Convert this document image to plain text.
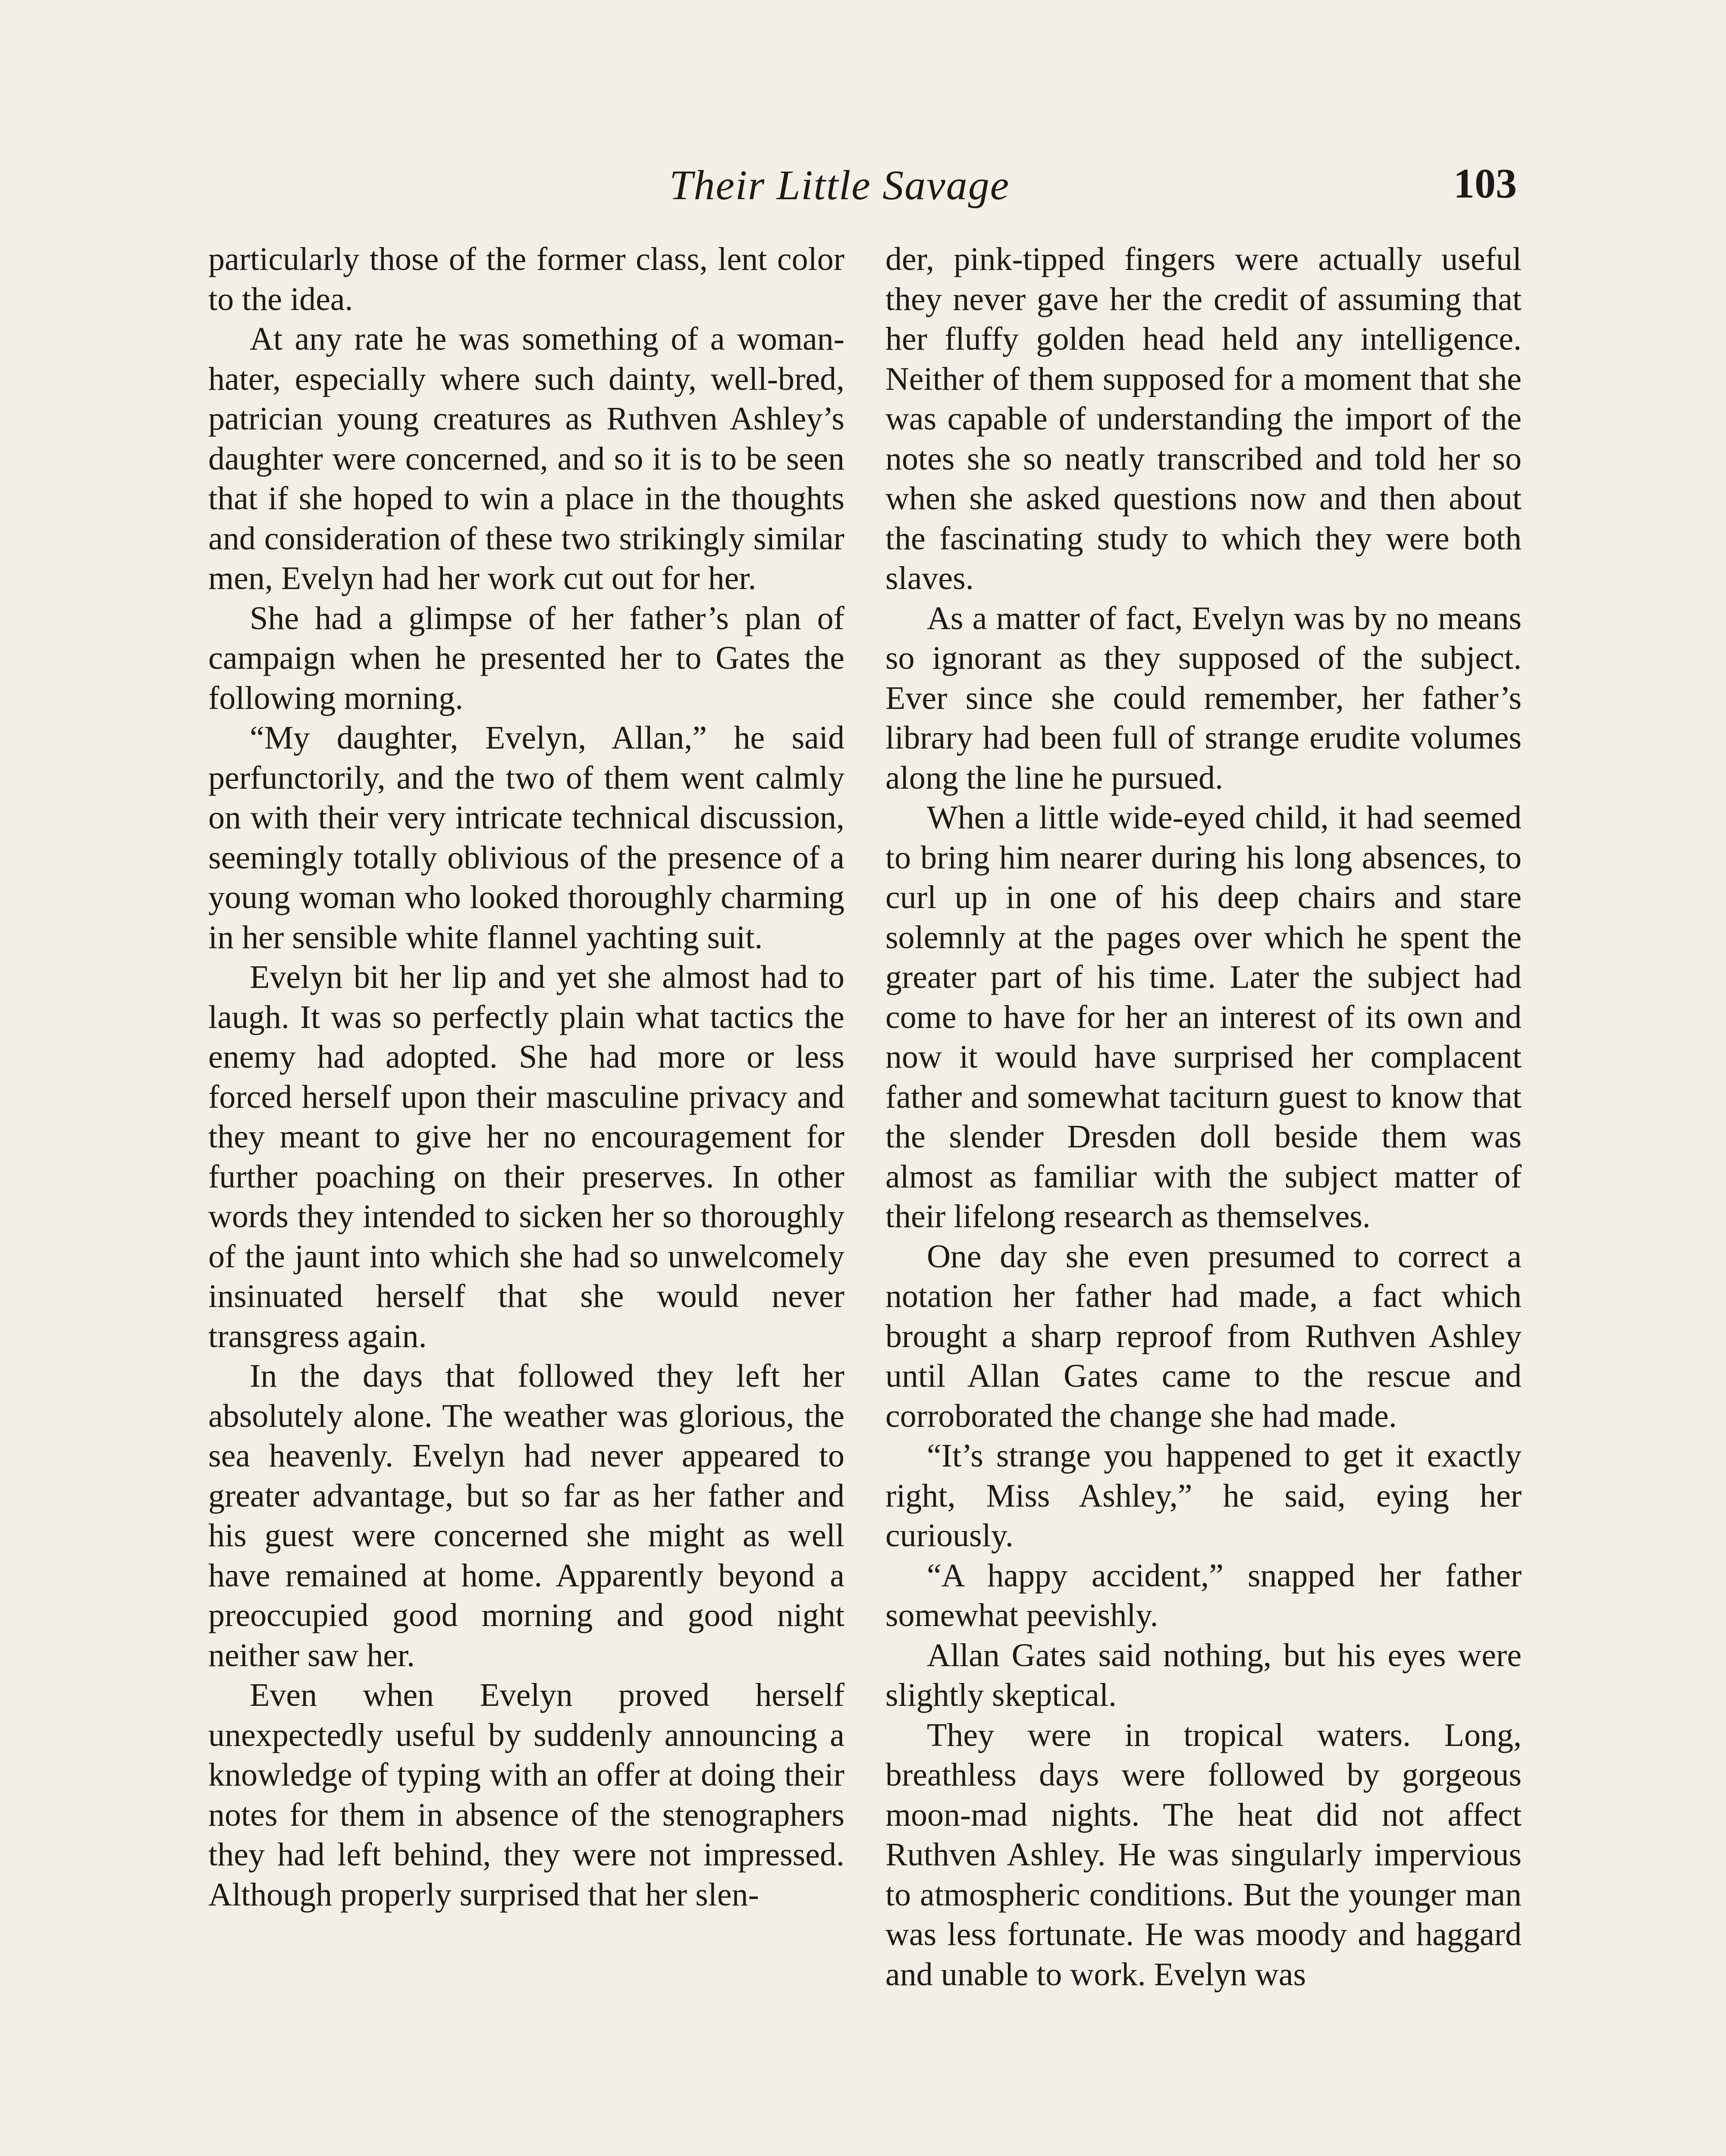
Their Little Savage	103

particularly those of the former class, lent color to the idea.

At any rate he was something of a woman-hater, especially where such dainty, well-bred, patrician young creatures as Ruthven Ashley’s daughter were concerned, and so it is to be seen that if she hoped to win a place in the thoughts and consideration of these two strikingly similar men, Evelyn had her work cut out for her.

She had a glimpse of her father’s plan of campaign when he presented her to Gates the following morning.

“My daughter, Evelyn, Allan,” he said perfunctorily, and the two of them went calmly on with their very intricate technical discussion, seemingly totally oblivious of the presence of a young woman who looked thoroughly charming in her sensible white flannel yachting suit.

Evelyn bit her lip and yet she almost had to laugh. It was so perfectly plain what tactics the enemy had adopted. She had more or less forced herself upon their masculine privacy and they meant to give her no encouragement for further poaching on their preserves. In other words they intended to sicken her so thoroughly of the jaunt into which she had so unwelcomely insinuated herself that she would never transgress again.

In the days that followed they left her absolutely alone. The weather was glorious, the sea heavenly. Evelyn had never appeared to greater advantage, but so far as her father and his guest were concerned she might as well have remained at home. Apparently beyond a preoccupied good morning and good night neither saw her.

Even when Evelyn proved herself unexpectedly useful by suddenly announcing a knowledge of typing with an offer at doing their notes for them in absence of the stenographers they had left behind, they were not impressed. Although properly surprised that her slen-

der, pink-tipped fingers were actually useful they never gave her the credit of assuming that her fluffy golden head held any intelligence. Neither of them supposed for a moment that she was capable of understanding the import of the notes she so neatly transcribed and told her so when she asked questions now and then about the fascinating study to which they were both slaves.

As a matter of fact, Evelyn was by no means so ignorant as they supposed of the subject. Ever since she could remember, her father’s library had been full of strange erudite volumes along the line he pursued.

When a little wide-eyed child, it had seemed to bring him nearer during his long absences, to curl up in one of his deep chairs and stare solemnly at the pages over which he spent the greater part of his time. Later the subject had come to have for her an interest of its own and now it would have surprised her complacent father and somewhat taciturn guest to know that the slender Dresden doll beside them was almost as familiar with the subject matter of their lifelong research as themselves.

One day she even presumed to correct a notation her father had made, a fact which brought a sharp reproof from Ruthven Ashley until Allan Gates came to the rescue and corroborated the change she had made.

“It’s strange you happened to get it exactly right, Miss Ashley,” he said, eying her curiously.

“A happy accident,” snapped her father somewhat peevishly.

Allan Gates said nothing, but his eyes were slightly skeptical.

They were in tropical waters. Long, breathless days were followed by gorgeous moon-mad nights. The heat did not affect Ruthven Ashley. He was singularly impervious to atmospheric conditions. But the younger man was less fortunate. He was moody and haggard and unable to work. Evelyn was
